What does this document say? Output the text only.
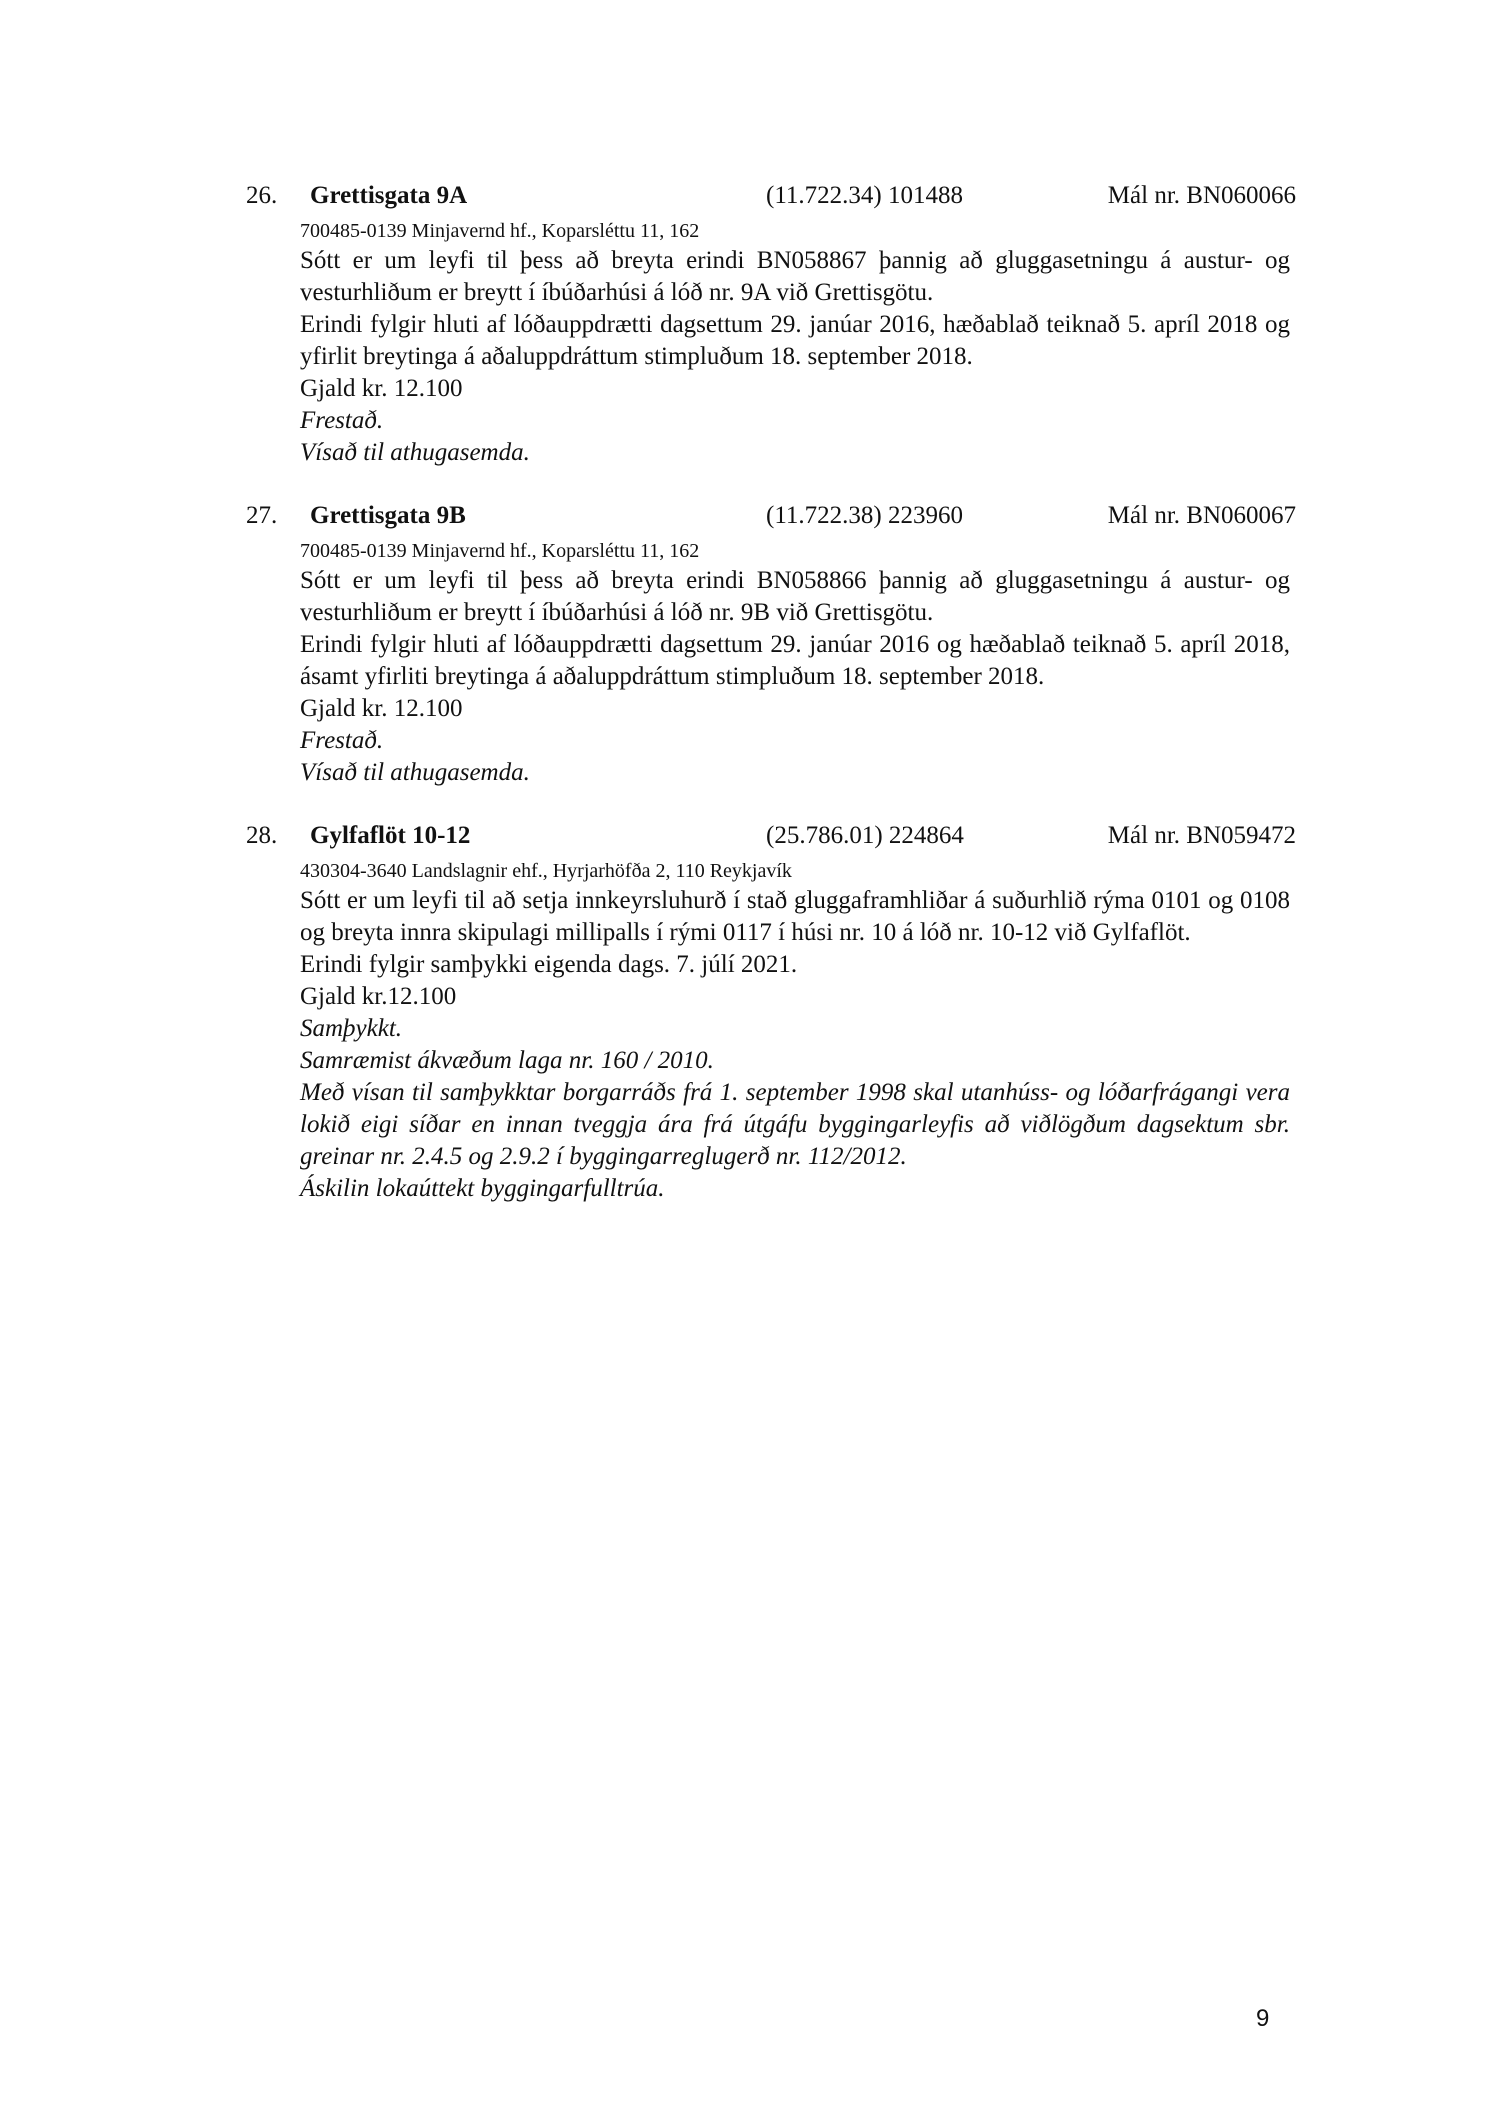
26. Grettisgata 9A	(11.722.34) 101488	Mál nr. BN060066
700485-0139 Minjavernd hf., Koparsléttu 11, 162

Sótt er um leyfi til þess að breyta erindi BN058867 þannig að gluggasetningu á austur- og vesturhliðum er breytt í íbúðarhúsi á lóð nr. 9A við Grettisgötu.

Erindi fylgir hluti af lóðauppdrætti dagsettum 29. janúar 2016, hæðablað teiknað 5. apríl 2018 og yfirlit breytinga á aðaluppdráttum stimpluðum 18. september 2018.

Gjald kr. 12.100

Frestað.

Vísað til athugasemda.

27. Grettisgata 9B	(11.722.38) 223960	Mál nr. BN060067
700485-0139 Minjavernd hf., Koparsléttu 11, 162

Sótt er um leyfi til þess að breyta erindi BN058866 þannig að gluggasetningu á austur- og vesturhliðum er breytt í íbúðarhúsi á lóð nr. 9B við Grettisgötu.

Erindi fylgir hluti af lóðauppdrætti dagsettum 29. janúar 2016 og hæðablað teiknað 5. apríl 2018, ásamt yfirliti breytinga á aðaluppdráttum stimpluðum 18. september 2018.

Gjald kr. 12.100

Frestað.

Vísað til athugasemda.

28. Gylfaflöt 10-12	(25.786.01) 224864	Mál nr. BN059472
430304-3640 Landslagnir ehf., Hyrjarhöfða 2, 110 Reykjavík

Sótt er um leyfi til að setja innkeyrsluhurð í stað gluggaframhliðar á suðurhlið rýma 0101 og 0108 og breyta innra skipulagi millipalls í rými 0117 í húsi nr. 10 á lóð nr. 10-12 við Gylfaflöt.

Erindi fylgir samþykki eigenda dags. 7. júlí 2021.

Gjald kr.12.100

Samþykkt.

Samræmist ákvæðum laga nr. 160 / 2010.

Með vísan til samþykktar borgarráðs frá 1. september 1998 skal utanhúss- og lóðarfrágangi vera lokið eigi síðar en innan tveggja ára frá útgáfu byggingarleyfis að viðlögðum dagsektum sbr. greinar nr. 2.4.5 og 2.9.2 í byggingarreglugerð nr. 112/2012.

Áskilin lokaúttekt byggingarfulltrúa.

9
